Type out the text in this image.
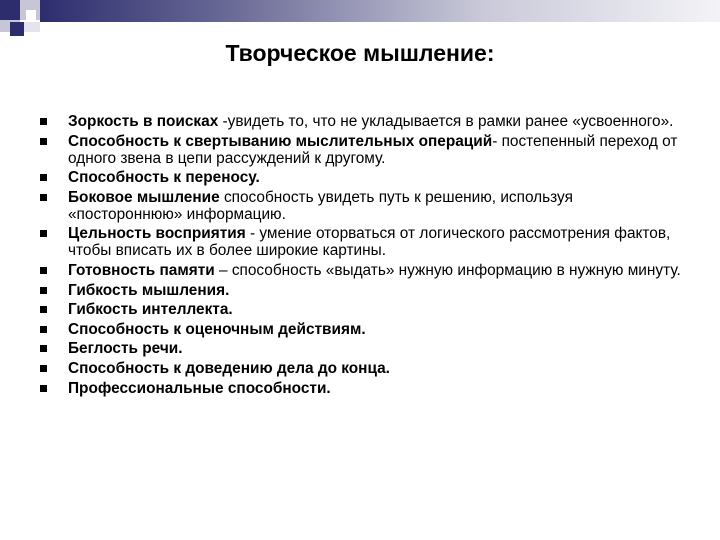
Творческое мышление:
Зоркость в поисках -увидеть то, что не укладывается в рамки ранее «усвоенного».
Способность к свертыванию мыслительных операций- постепенный переход от одного звена в цепи рассуждений к другому.
Способность к переносу.
Боковое мышление способность увидеть путь к решению, используя «постороннюю» информацию.
Цельность восприятия - умение оторваться от логического рассмотрения фактов, чтобы вписать их в более широкие картины.
Готовность памяти – способность «выдать» нужную информацию в нужную минуту.
Гибкость мышления.
Гибкость интеллекта.
Способность к оценочным действиям.
Беглость речи.
Способность к доведению дела до конца.
Профессиональные способности.
